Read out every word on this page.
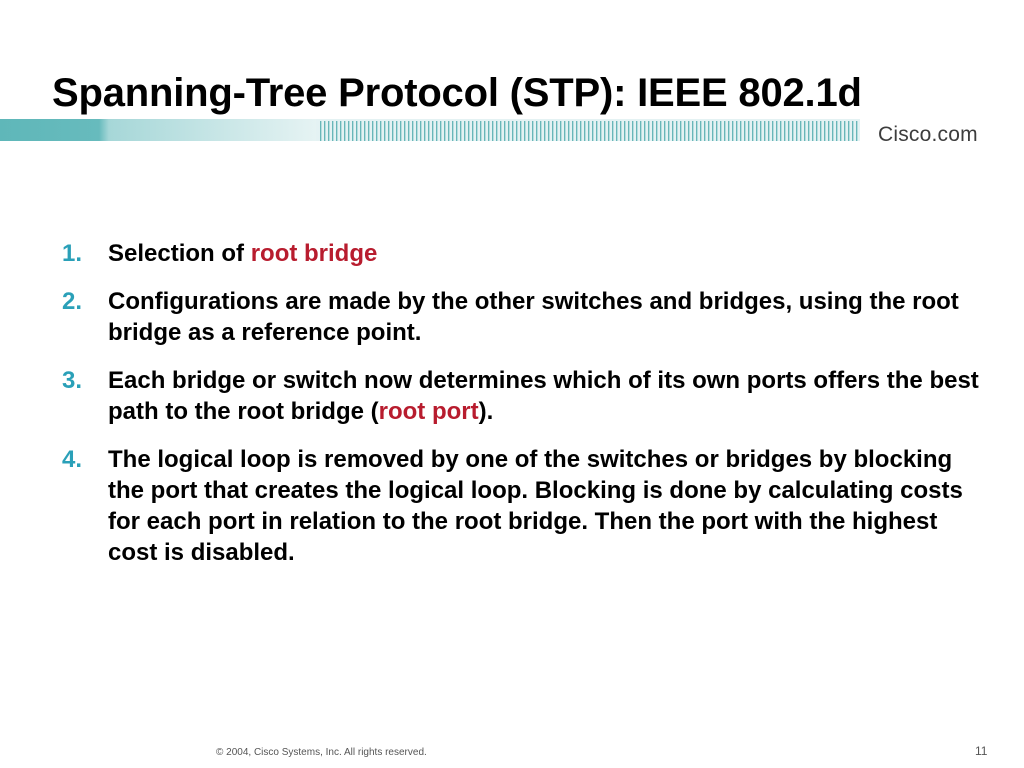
Spanning-Tree Protocol (STP): IEEE 802.1d
Cisco.com
1. Selection of root bridge
2. Configurations are made by the other switches and bridges, using the root bridge as a reference point.
3. Each bridge or switch now determines which of its own ports offers the best path to the root bridge (root port).
4. The logical loop is removed by one of the switches or bridges by blocking the port that creates the logical loop. Blocking is done by calculating costs for each port in relation to the root bridge. Then the port with the highest cost is disabled.
© 2004, Cisco Systems, Inc. All rights reserved.	11
